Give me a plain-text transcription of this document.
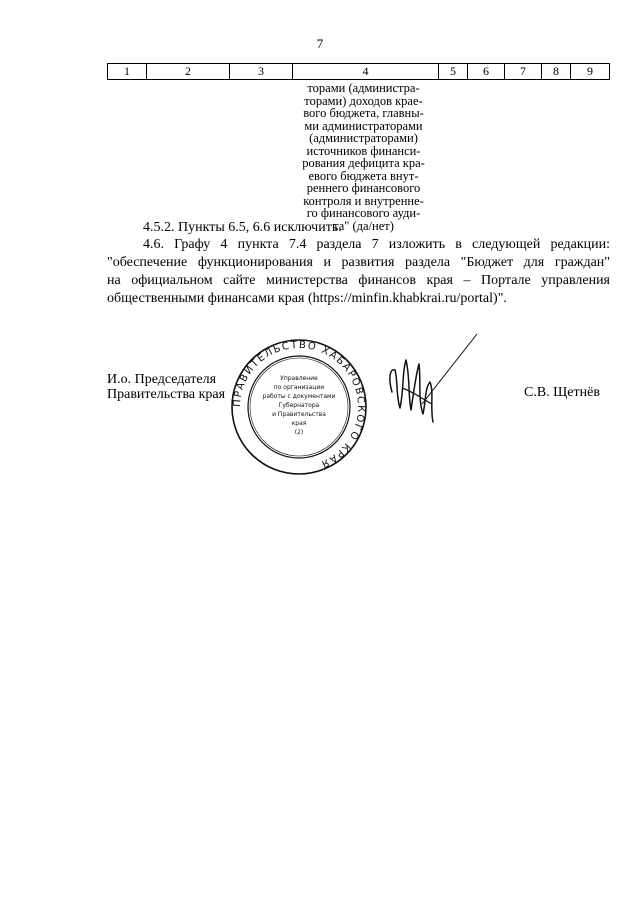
7
1	2	3	4	5	6	7	8	9
торами (администра-
торами) доходов крае-
вого бюджета, главны-
ми администраторами
(администраторами)
источников финанси-
рования дефицита кра-
евого бюджета внут-
реннего финансового
контроля и внутренне-
го финансового ауди-
та" (да/нет)
4.5.2. Пункты 6.5, 6.6 исключить.
4.6. Графу 4 пункта 7.4 раздела 7 изложить в следующей редакции:
"обеспечение функционирования и развития раздела "Бюджет для граждан"
на официальном сайте министерства финансов края – Портале управления
общественными финансами края (https://minfin.khabkrai.ru/portal)".
И.о. Председателя
Правительства края
ПРАВИТЕЛЬСТВО ХАБАРОВСКОГО КРАЯ
Управление
по организации
работы с документами
Губернатора
и Правительства
края
(2)
С.В. Щетнёв
